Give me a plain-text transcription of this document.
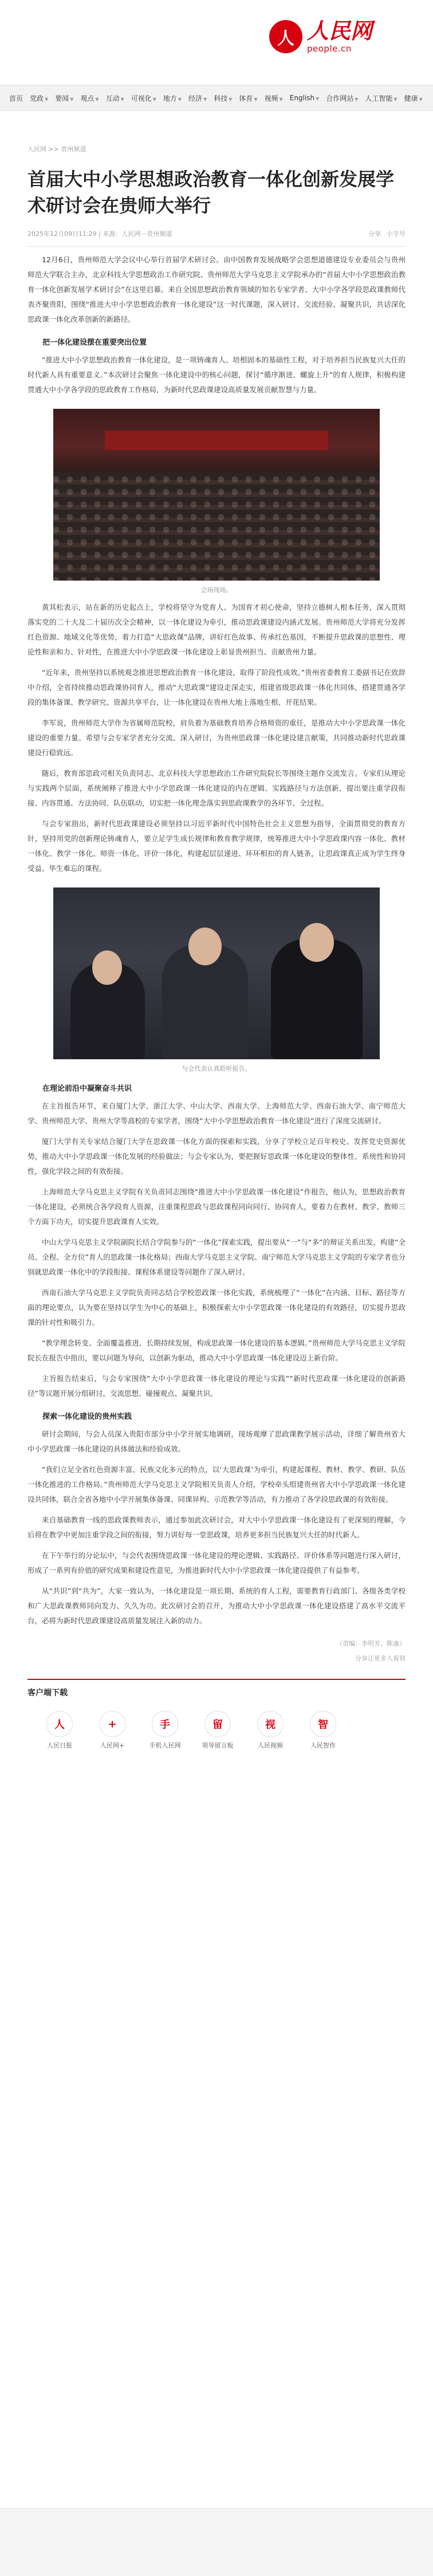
人 人民网
people.cn
首页	党政 ▼	要闻 ▼	观点 ▼	互动 ▼	可视化 ▼	地方 ▼	经济 ▼	科技 ▼	体育 ▼	视频 ▼	English ▼	合作网站 ▼	人工智能 ▼	健康 ▼
人民网 >> 贵州频道
首届大中小学思想政治教育一体化创新发展学术研讨会在贵师大举行
2025年12月09日11:29 | 来源：人民网－贵州频道	分享 小字号

12月6日，贵州师范大学会议中心举行首届学术研讨会。由中国教育发展战略学会思想道德建设专业委员会与贵州师范大学联合主办，北京科技大学思想政治工作研究院、贵州师范大学马克思主义学院承办的“首届大中小学思想政治教育一体化创新发展学术研讨会”在这里启幕。来自全国思想政治教育领域的知名专家学者、大中小学各学段思政课教师代表齐聚贵阳，围绕“推进大中小学思想政治教育一体化建设”这一时代课题，深入研讨、交流经验、凝聚共识，共话深化思政课一体化改革创新的新路径。

把一体化建设摆在重要突出位置

“推进大中小学思想政治教育一体化建设，是一项铸魂育人、培根固本的基础性工程，对于培养担当民族复兴大任的时代新人具有重要意义。”本次研讨会聚焦一体化建设中的核心问题，探讨“循序渐进、螺旋上升”的育人规律，积极构建贯通大中小学各学段的思政教育工作格局，为新时代思政课建设高质量发展贡献智慧与力量。

会场现场。

黄其松表示，站在新的历史起点上，学校将坚守为党育人、为国育才初心使命，坚持立德树人根本任务，深入贯彻落实党的二十大及二十届历次全会精神，以一体化建设为牵引，推动思政课建设内涵式发展。贵州师范大学将充分发挥红色资源、地域文化等优势，着力打造“大思政课”品牌，讲好红色故事、传承红色基因，不断提升思政课的思想性、理论性和亲和力、针对性，在推进大中小学思政课一体化建设上彰显贵州担当、贡献贵州力量。

“近年来，贵州坚持以系统观念推进思想政治教育一体化建设，取得了阶段性成效。”贵州省委教育工委副书记在致辞中介绍，全省持续推动思政课协同育人，推动“大思政课”建设走深走实，组建省级思政课一体化共同体，搭建贯通各学段的集体备课、教学研究、资源共享平台，让一体化建设在贵州大地上落地生根、开花结果。

李军说，贵州师范大学作为省属师范院校，肩负着为基础教育培养合格师资的重任，是推动大中小学思政课一体化建设的重要力量。希望与会专家学者充分交流、深入研讨，为贵州思政课一体化建设建言献策，共同推动新时代思政课建设行稳致远。

随后，教育部思政司相关负责同志、北京科技大学思想政治工作研究院院长等围绕主题作交流发言。专家们从理论与实践两个层面，系统阐释了推进大中小学思政课一体化建设的内在逻辑、实践路径与方法创新，提出要注重学段衔接、内容贯通、方法协同、队伍联动，切实把一体化理念落实到思政课教学的各环节、全过程。

与会专家指出，新时代思政课建设必须坚持以习近平新时代中国特色社会主义思想为指导，全面贯彻党的教育方针，坚持用党的创新理论铸魂育人，要立足学生成长规律和教育教学规律，统筹推进大中小学思政课内容一体化、教材一体化、教学一体化、师资一体化、评价一体化，构建起层层递进、环环相扣的育人链条，让思政课真正成为学生终身受益、毕生难忘的课程。

与会代表认真聆听报告。
在理论前沿中凝聚奋斗共识

在主旨报告环节，来自厦门大学、浙江大学、中山大学、西南大学、上海师范大学、西南石油大学、南宁师范大学、贵州师范大学、贵州大学等高校的专家学者，围绕“大中小学思想政治教育一体化建设”进行了深度交流研讨。

厦门大学有关专家结合厦门大学在思政课一体化方面的探索和实践，分享了学校立足百年校史、发挥党史资源优势，推动大中小学思政课一体化发展的经验做法；与会专家认为，要把握好思政课一体化建设的整体性、系统性和协同性，强化学段之间的有效衔接。

上海师范大学马克思主义学院有关负责同志围绕“推进大中小学思政课一体化建设”作报告，他认为，思想政治教育一体化建设，必须统合各学段育人资源，注重课程思政与思政课程同向同行、协同育人，要着力在教材、教学、教师三个方面下功夫，切实提升思政课育人实效。

中山大学马克思主义学院副院长结合学院参与的“一体化”探索实践，提出要从“一”与“多”的辩证关系出发，构建“全员、全程、全方位”育人的思政课一体化格局；西南大学马克思主义学院、南宁师范大学马克思主义学院的专家学者也分别就思政课一体化中的学段衔接、课程体系建设等问题作了深入研讨。

西南石油大学马克思主义学院负责同志结合学校思政课一体化实践，系统梳理了“一体化”在内涵、目标、路径等方面的理论要点，认为要在坚持以学生为中心的基础上，积极探索大中小学思政课一体化建设的有效路径，切实提升思政课的针对性和吸引力。

“教学理念转变、全面覆盖推进、长期持续发展，构成思政课一体化建设的基本逻辑。”贵州师范大学马克思主义学院院长在报告中指出，要以问题为导向，以创新为驱动，推动大中小学思政课一体化建设迈上新台阶。

主旨报告结束后，与会专家围绕“大中小学思政课一体化建设的理论与实践”“新时代思政课一体化建设的创新路径”等议题开展分组研讨，交流思想、碰撞观点、凝聚共识。

探索一体化建设的贵州实践

研讨会期间，与会人员深入贵阳市部分中小学开展实地调研，现场观摩了思政课教学展示活动，详细了解贵州省大中小学思政课一体化建设的具体做法和经验成效。

“我们立足全省红色资源丰富、民族文化多元的特点，以‘大思政课’为牵引，构建起课程、教材、教学、教研、队伍一体化推进的工作格局。”贵州师范大学马克思主义学院相关负责人介绍，学校牵头组建贵州省大中小学思政课一体化建设共同体，联合全省各地中小学开展集体备课、同课异构、示范教学等活动，有力推动了各学段思政课的有效衔接。

来自基础教育一线的思政课教师表示，通过参加此次研讨会，对大中小学思政课一体化建设有了更深刻的理解，今后将在教学中更加注重学段之间的衔接，努力讲好每一堂思政课，培养更多担当民族复兴大任的时代新人。

在下午举行的分论坛中，与会代表围绕思政课一体化建设的理论逻辑、实践路径、评价体系等问题进行深入研讨，形成了一系列有价值的研究成果和建设性意见，为推进新时代大中小学思政课一体化建设提供了有益参考。

从“共识”到“共为”，大家一致认为，一体化建设是一项长期、系统的育人工程，需要教育行政部门、各级各类学校和广大思政课教师同向发力、久久为功。此次研讨会的召开，为推动大中小学思政课一体化建设搭建了高水平交流平台，必将为新时代思政课建设高质量发展注入新的动力。

（责编：李明芳、陈康）
分享让更多人看到
客户端下载
人
人民日报
+
人民网+
手
手机人民网
留
领导留言板
视
人民视频
智
人民智作
